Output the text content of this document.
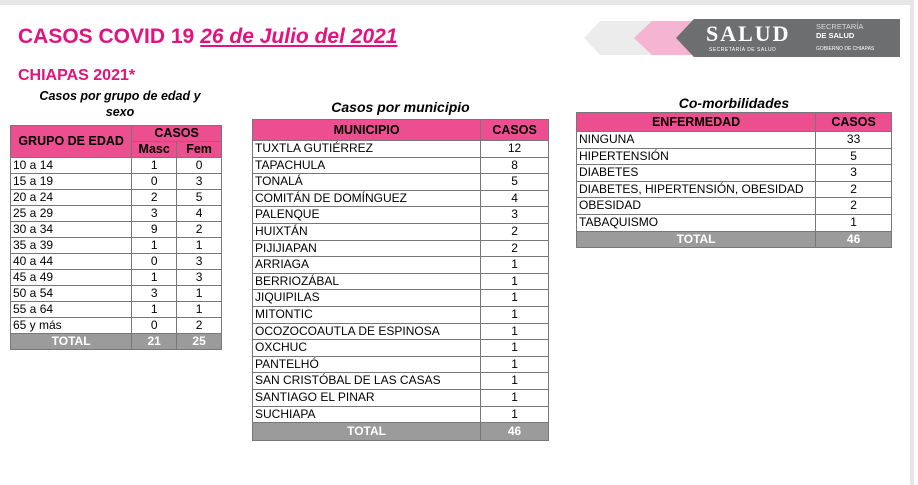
CASOS COVID 19 26 de Julio del 2021
CHIAPAS 2021*
SALUD
SECRETARÍA DE SALUD
SECRETARÍA
DE SALUD
GOBIERNO DE CHIAPAS
Casos por grupo de edad y
sexo
GRUPO DE EDAD	CASOS	
	Masc	Fem
10 a 14	1	0
15 a 19	0	3
20 a 24	2	5
25 a 29	3	4
30 a 34	9	2
35 a 39	1	1
40 a 44	0	3
45 a 49	1	3
50 a 54	3	1
55 a 64	1	1
65 y más	0	2
TOTAL	21	25
Casos por municipio
MUNICIPIO	CASOS
TUXTLA GUTIÉRREZ	12
TAPACHULA	8
TONALÁ	5
COMITÁN DE DOMÍNGUEZ	4
PALENQUE	3
HUIXTÁN	2
PIJIJIAPAN	2
ARRIAGA	1
BERRIOZÁBAL	1
JIQUIPILAS	1
MITONTIC	1
OCOZOCOAUTLA DE ESPINOSA	1
OXCHUC	1
PANTELHÓ	1
SAN CRISTÓBAL DE LAS CASAS	1
SANTIAGO EL PINAR	1
SUCHIAPA	1
TOTAL	46
Co-morbilidades
ENFERMEDAD	CASOS
NINGUNA	33
HIPERTENSIÓN	5
DIABETES	3
DIABETES, HIPERTENSIÓN, OBESIDAD	2
OBESIDAD	2
TABAQUISMO	1
TOTAL	46
